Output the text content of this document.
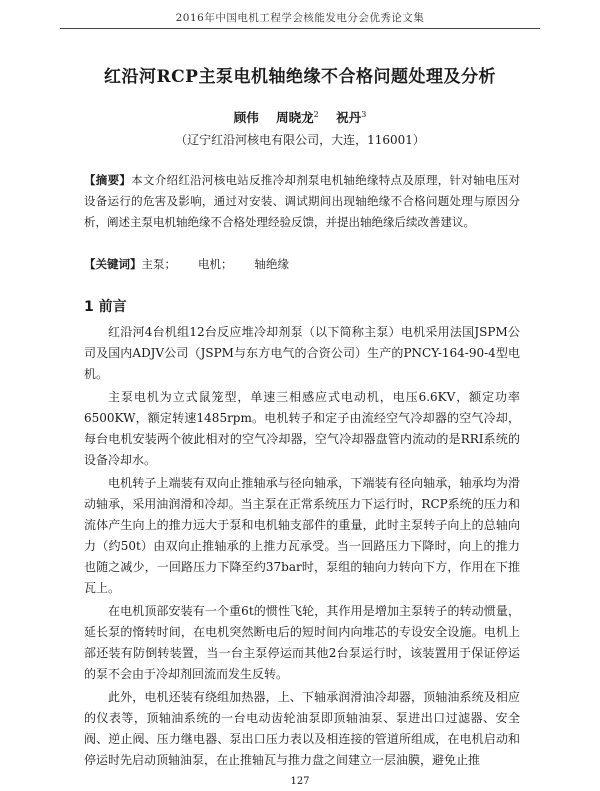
2016年中国电机工程学会核能发电分会优秀论文集
红沿河RCP主泵电机轴绝缘不合格问题处理及分析
顾伟 周晓龙$^2$ 祝丹$^3$
（辽宁红沿河核电有限公司，大连，116001）
【摘要】本文介绍红沿河核电站反推冷却剂泵电机轴绝缘特点及原理，针对轴电压对设备运行的危害及影响，通过对安装、调试期间出现轴绝缘不合格问题处理与原因分析，阐述主泵电机轴绝缘不合格处理经验反馈，并提出轴绝缘后续改善建议。
【关键词】主泵； 电机； 轴绝缘
1 前言

红沿河4台机组12台反应堆冷却剂泵（以下简称主泵）电机采用法国JSPM公司及国内ADJV公司（JSPM与东方电气的合资公司）生产的PNCY-164-90-4型电机。

主泵电机为立式鼠笼型，单速三相感应式电动机，电压6.6KV，额定功率6500KW，额定转速1485rpm。电机转子和定子由流经空气冷却器的空气冷却，每台电机安装两个彼此相对的空气冷却器，空气冷却器盘管内流动的是RRI系统的设备冷却水。

电机转子上端装有双向止推轴承与径向轴承，下端装有径向轴承，轴承均为滑动轴承，采用油润滑和冷却。当主泵在正常系统压力下运行时，RCP系统的压力和流体产生向上的推力远大于泵和电机轴支部件的重量，此时主泵转子向上的总轴向力（约50t）由双向止推轴承的上推力瓦承受。当一回路压力下降时，向上的推力也随之减少，一回路压力下降至约37bar时，泵组的轴向力转向下方，作用在下推瓦上。

在电机顶部安装有一个重6t的惯性飞轮，其作用是增加主泵转子的转动惯量，延长泵的惰转时间，在电机突然断电后的短时间内向堆芯的专设安全设施。电机上部还装有防倒转装置，当一台主泵停运而其他2台泵运行时，该装置用于保证停运的泵不会由于冷却剂回流而发生反转。

此外，电机还装有绕组加热器，上、下轴承润滑油冷却器，顶轴油系统及相应的仪表等，顶轴油系统的一台电动齿轮油泵即顶轴油泵、泵进出口过滤器、安全阀、逆止阀、压力继电器、泵出口压力表以及相连接的管道所组成，在电机启动和停运时先启动顶轴油泵，在止推轴瓦与推力盘之间建立一层油膜，避免止推

127
